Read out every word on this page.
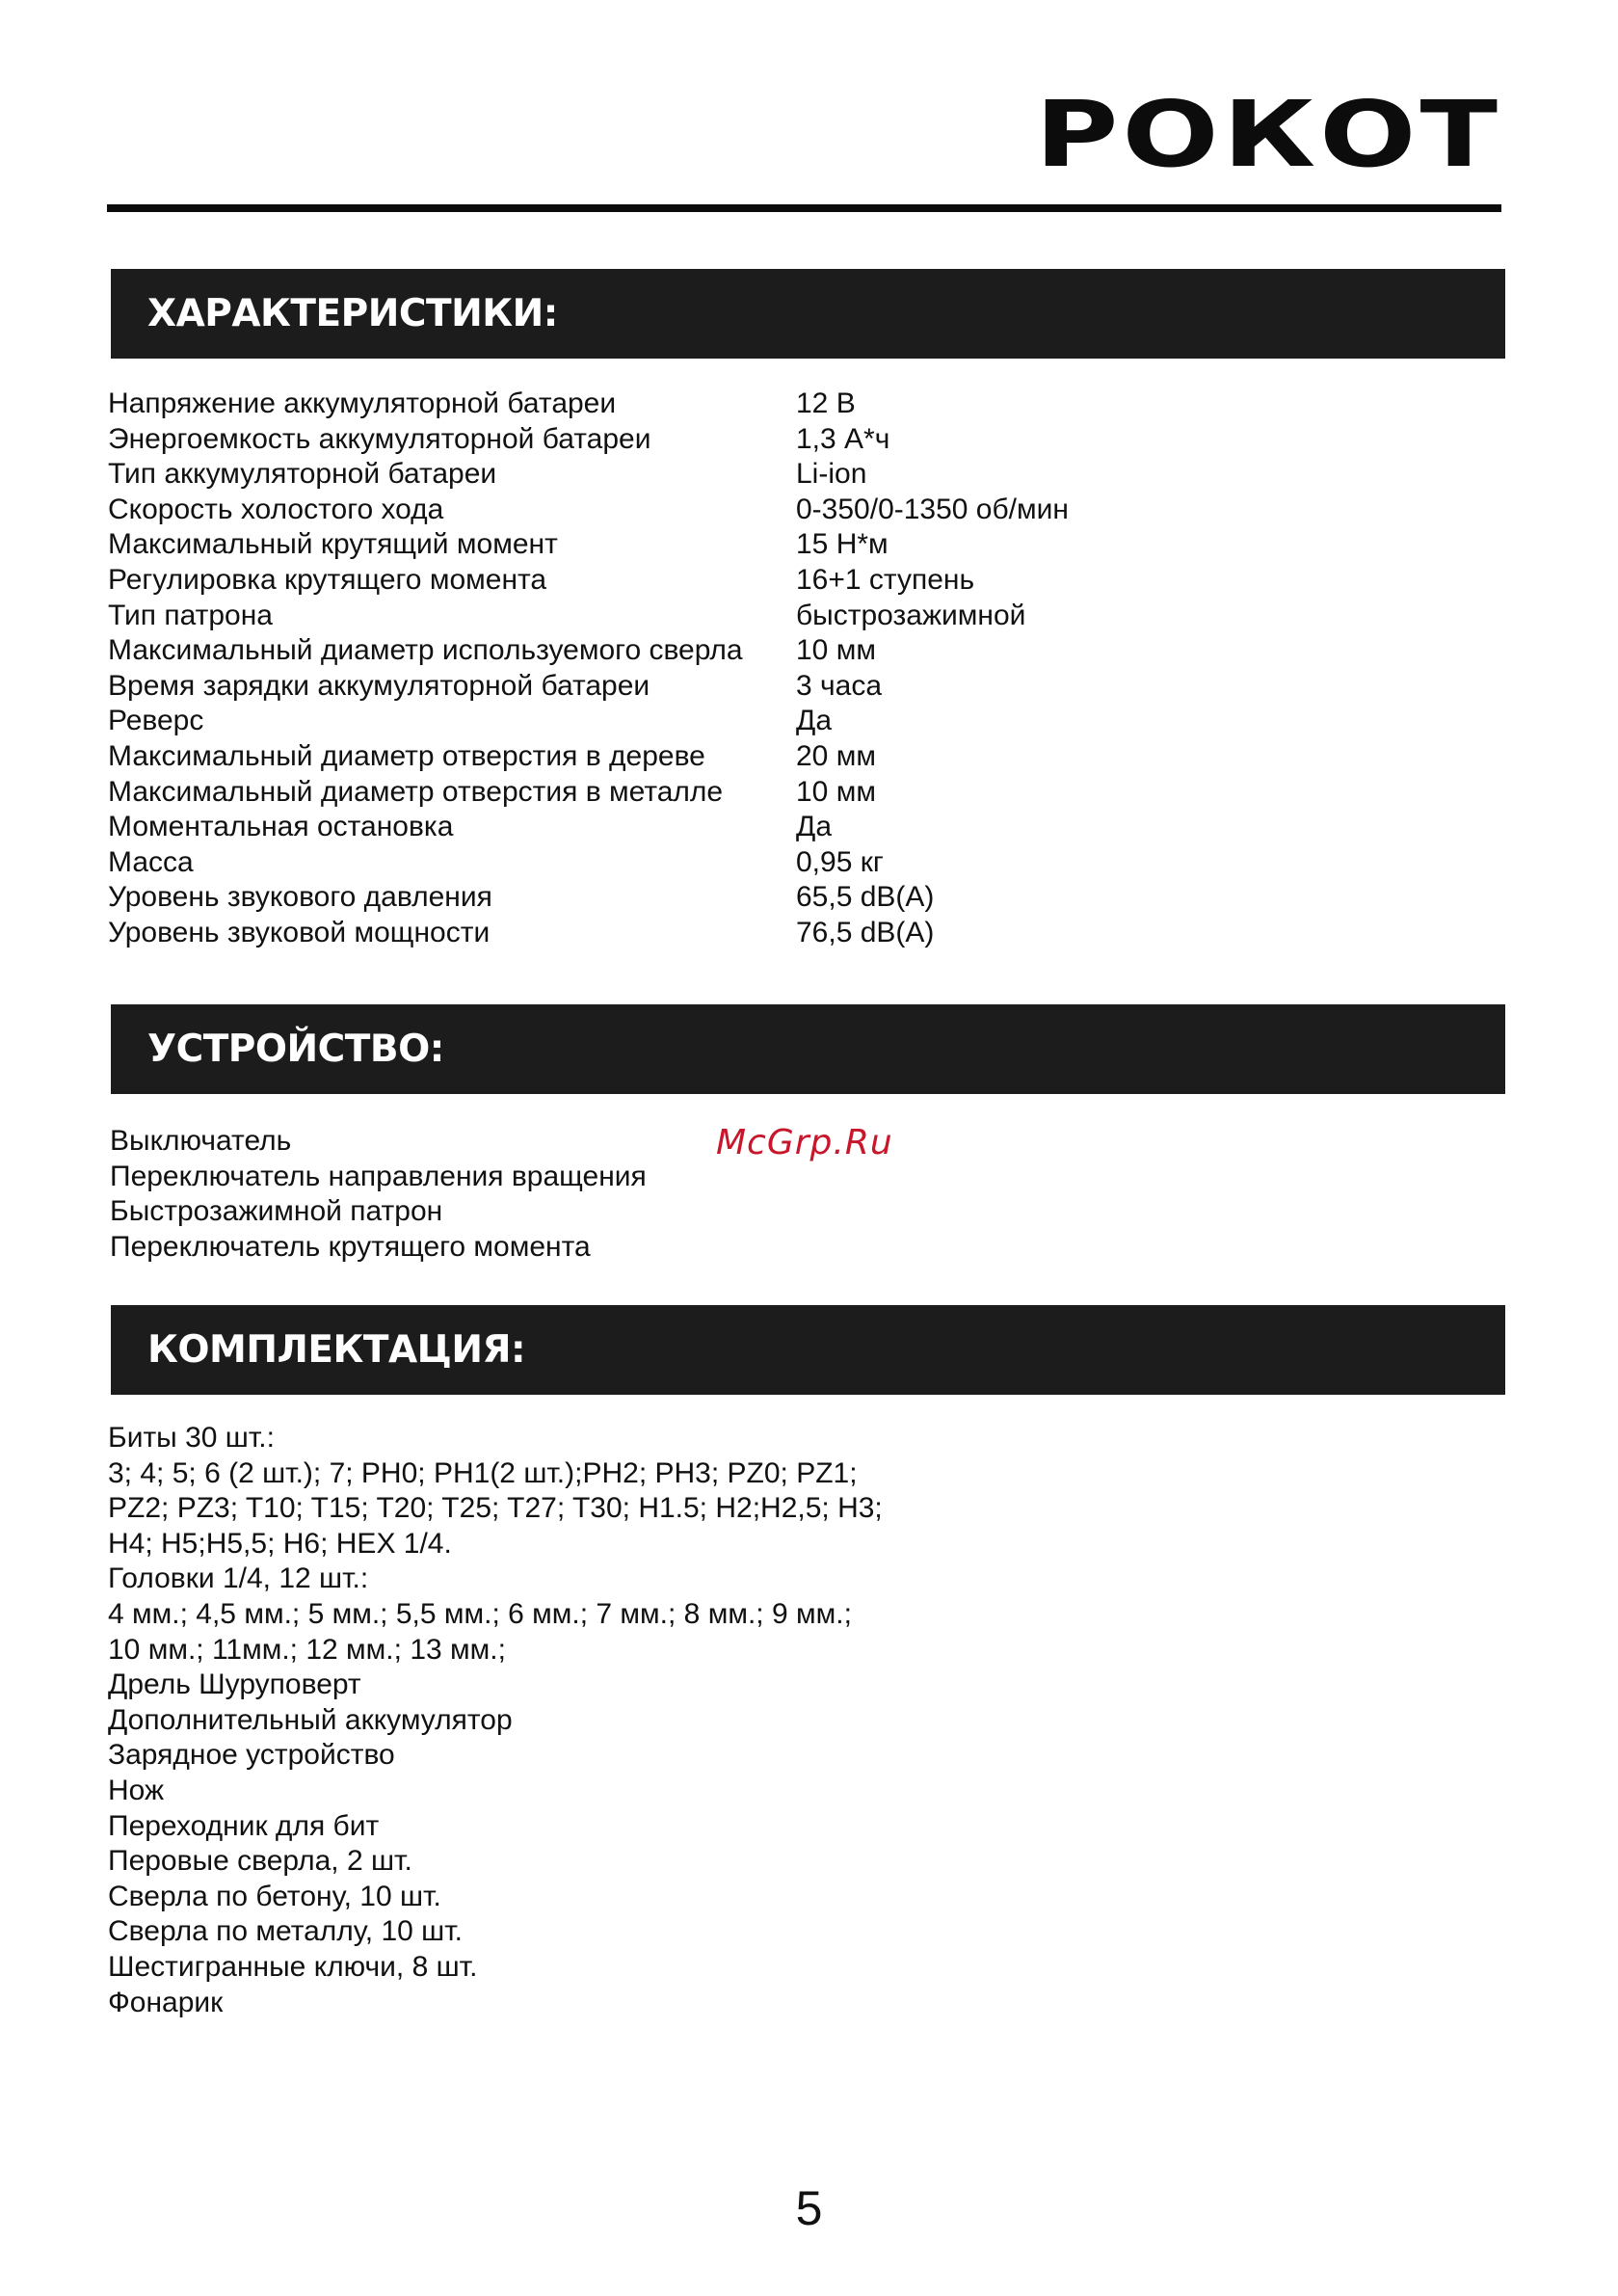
РОКОТ
ХАРАКТЕРИСТИКИ:
Напряжение аккумуляторной батареи	12 В
Энергоемкость аккумуляторной батареи	1,3 А*ч
Тип аккумуляторной батареи	Li-ion
Скорость холостого хода	0-350/0-1350 об/мин
Максимальный крутящий момент	15 Н*м
Регулировка крутящего момента	16+1 ступень
Тип патрона	быстрозажимной
Максимальный диаметр используемого сверла	10 мм
Время зарядки аккумуляторной батареи	3 часа
Реверс	Да
Максимальный диаметр отверстия в дереве	20 мм
Максимальный диаметр отверстия в металле	10 мм
Моментальная остановка	Да
Масса	0,95 кг
Уровень звукового давления	65,5 dB(A)
Уровень звуковой мощности	76,5 dB(A)
УСТРОЙСТВО:
Выключатель
Переключатель направления вращения
Быстрозажимной патрон
Переключатель крутящего момента
McGrp.Ru
КОМПЛЕКТАЦИЯ:
Биты 30 шт.:
3; 4; 5; 6 (2 шт.); 7; PH0; PH1(2 шт.);PH2; PH3; PZ0; PZ1;
PZ2; PZ3; T10; T15; T20; T25; T27; T30; H1.5; H2;H2,5; H3;
H4; H5;H5,5; H6; HEX 1/4.
Головки 1/4, 12 шт.:
4 мм.; 4,5 мм.; 5 мм.; 5,5 мм.; 6 мм.; 7 мм.; 8 мм.; 9 мм.;
10 мм.; 11мм.; 12 мм.; 13 мм.;
Дрель Шуруповерт
Дополнительный аккумулятор
Зарядное устройство
Нож
Переходник для бит
Перовые сверла, 2 шт.
Сверла по бетону, 10 шт.
Сверла по металлу, 10 шт.
Шестигранные ключи, 8 шт.
Фонарик
5
